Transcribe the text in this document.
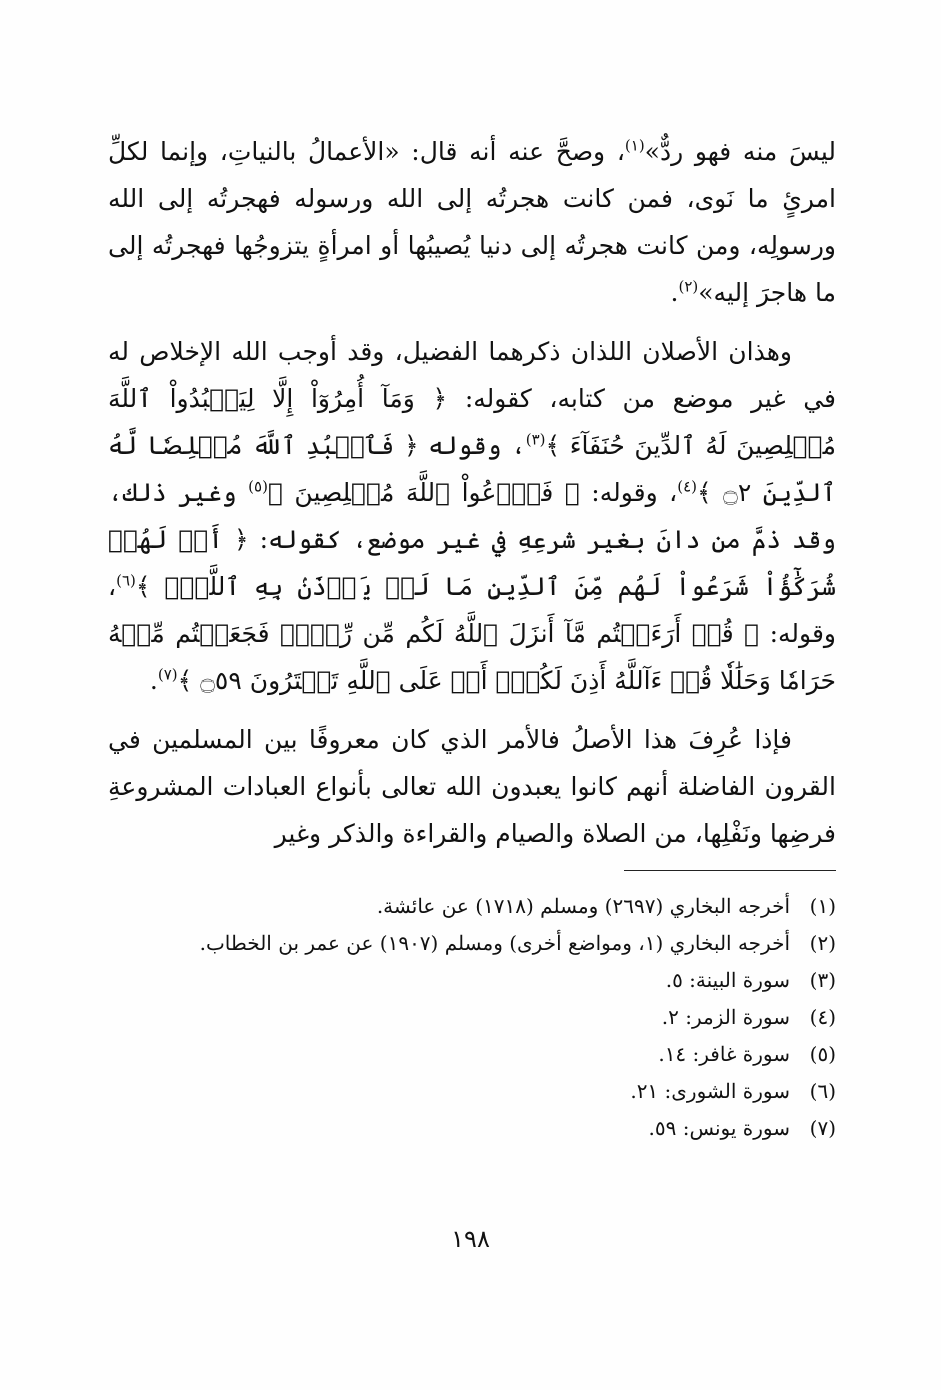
ليسَ منه فهو ردٌّ»$^{(١)}$، وصحَّ عنه أنه قال: «الأعمالُ بالنياتِ، وإنما لكلِّ امرئٍ ما نَوى، فمن كانت هجرتُه إلى الله ورسوله فهجرتُه إلى الله ورسولِه، ومن كانت هجرتُه إلى دنيا يُصيبُها أو امرأةٍ يتزوجُها فهجرتُه إلى ما هاجرَ إليه»$^{(٢)}$.

وهذان الأصلان اللذان ذكرهما الفضيل، وقد أوجب الله الإخلاص له في غير موضع من كتابه، كقوله: ﴿ وَمَآ أُمِرُوٓاْ إِلَّا لِيَعۡبُدُواْ ٱللَّهَ مُخۡلِصِينَ لَهُ ٱلدِّينَ حُنَفَآءَ ﴾$^{(٣)}$، وقوله ﴿ فَٱعۡبُدِ ٱللَّهَ مُخۡلِصٗا لَّهُ ٱلدِّينَ ۝٢ ﴾$^{(٤)}$، وقوله: ﴿ فَٱدۡعُواْ ٱللَّهَ مُخۡلِصِينَ ﴾$^{(٥)}$ وغير ذلك، وقد ذمَّ من دانَ بغير شرعِهِ في غير موضع، كقوله: ﴿ أَمۡ لَهُمۡ شُرَكَٰٓؤُاْ شَرَعُواْ لَهُم مِّنَ ٱلدِّينِ مَا لَمۡ يَأۡذَنۢ بِهِ ٱللَّهُۚ ﴾$^{(٦)}$، وقوله: ﴿ قُلۡ أَرَءَيۡتُم مَّآ أَنزَلَ ٱللَّهُ لَكُم مِّن رِّزۡقٖ فَجَعَلۡتُم مِّنۡهُ حَرَامٗا وَحَلَٰلٗا قُلۡ ءَآللَّهُ أَذِنَ لَكُمۡۖ أَمۡ عَلَى ٱللَّهِ تَفۡتَرُونَ ۝٥٩ ﴾$^{(٧)}$.

فإذا عُرِفَ هذا الأصلُ فالأمر الذي كان معروفًا بين المسلمين في القرون الفاضلة أنهم كانوا يعبدون الله تعالى بأنواع العبادات المشروعةِ فرضِها ونَفْلِها، من الصلاة والصيام والقراءة والذكر وغير

(١)
أخرجه البخاري (٢٦٩٧) ومسلم (١٧١٨) عن عائشة.
(٢)
أخرجه البخاري (١، ومواضع أخرى) ومسلم (١٩٠٧) عن عمر بن الخطاب.
(٣)
سورة البينة: ٥.
(٤)
سورة الزمر: ٢.
(٥)
سورة غافر: ١٤.
(٦)
سورة الشورى: ٢١.
(٧)
سورة يونس: ٥٩.
١٩٨
